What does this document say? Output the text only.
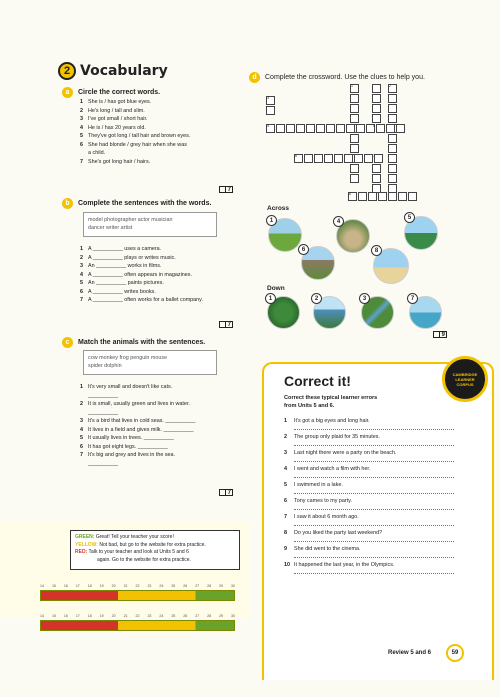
2 Vocabulary
a	Circle the correct words.
1 She is / has got blue eyes.
2 He's long / tall and slim.
3 I've got small / short hair.
4 He is / has 20 years old.
5 They've got long / tall hair and brown eyes.
6 She had blonde / grey hair when she was
a child.
7 She's got long hair / hairs.
7
b	Complete the sentences with the words.
model photographer actor musician
dancer writer artist
1 A __________ uses a camera.
2 A __________ plays or writes music.
3 An __________ works in films.
4 A __________ often appears in magazines.
5 An __________ paints pictures.
6 A __________ writes books.
7 A __________ often works for a ballet company.
7
c	Match the animals with the sentences.
cow monkey frog penguin mouse
spider dolphin
1 It's very small and doesn't like cats.
__________
2 It is small, usually green and lives in water.
__________
3 It's a bird that lives in cold seas. __________
4 It lives in a field and gives milk. __________
5 It usually lives in trees. __________
6 It has got eight legs. __________
7 It's big and grey and lives in the sea.
__________
7
d	Complete the crossword. Use the clues to help you.
1	2
3
4	5
6	7
8
Across
Down
1	4
5
6	8
1	2	3	7
9
GREEN: Great! Tell your teacher your score!
YELLOW: Not bad, but go to the website for extra practice.
RED: Talk to your teacher and look at Units 5 and 6
again. Go to the website for extra practice.
14 15 16 17 18 19 20 21 22 23 24 25 26 27 28 29 30
14 15 16 17 18 19 20 21 22 23 24 25 26 27 28 29 30
Correct it!	CAMBRIDGE LEARNER CORPUS
Correct these typical learner errors
from Units 5 and 6.
1 It's got a big eyes and long hair.
2 The group only plaid for 35 minutes.
3 Last night there were a party on the beach.
4 I went and watch a film with her.
5 I swimmed in a lake.
6 Tony cames to my party.
7 I saw it about 6 month ago.
8 Do you liked the party last weekend?
9 She did went to the cinema.
10 It happened the last year, in the Olympics.
Review 5 and 6	59
